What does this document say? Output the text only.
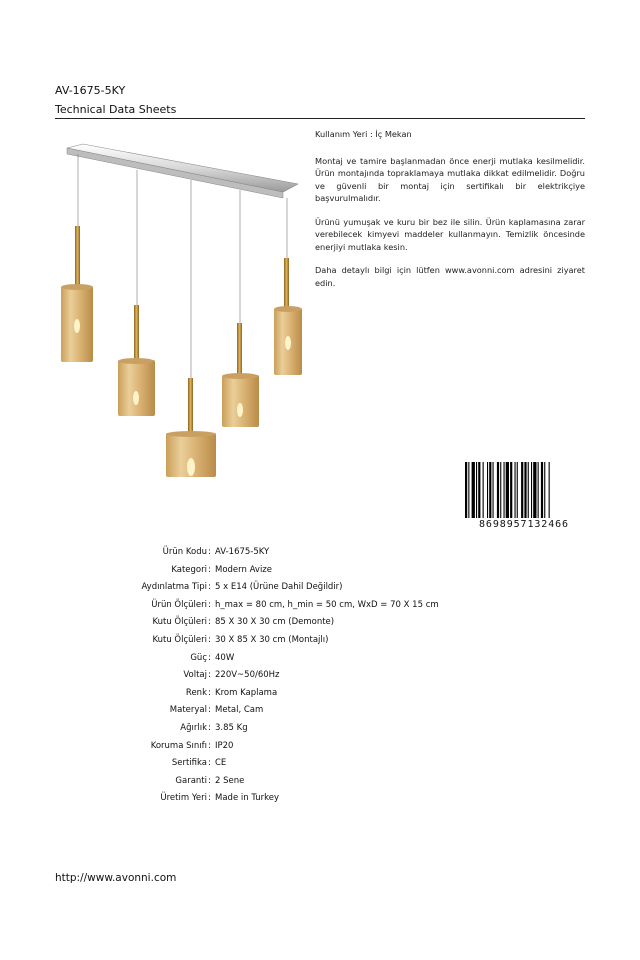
AV-1675-5KY
Technical Data Sheets

Kullanım Yeri : İç Mekan

Montaj ve tamire başlanmadan önce enerji mutlaka kesilmelidir. Ürün montajında topraklamaya mutlaka dikkat edilmelidir. Doğru ve güvenli bir montaj için sertifikalı bir elektrikçiye başvurulmalıdır.

Ürünü yumuşak ve kuru bir bez ile silin. Ürün kaplamasına zarar verebilecek kimyevi maddeler kullanmayın. Temizlik öncesinde enerjiyi mutlaka kesin.

Daha detaylı bilgi için lütfen www.avonni.com adresini ziyaret edin.

8698957132466
Ürün Kodu : AV-1675-5KY
Kategori : Modern Avize
Aydınlatma Tipi : 5 x E14 (Ürüne Dahil Değildir)
Ürün Ölçüleri : h_max = 80 cm, h_min = 50 cm, WxD = 70 X 15 cm
Kutu Ölçüleri : 85 X 30 X 30 cm (Demonte)
Kutu Ölçüleri : 30 X 85 X 30 cm (Montajlı)
Güç : 40W
Voltaj : 220V~50/60Hz
Renk : Krom Kaplama
Materyal : Metal, Cam
Ağırlık : 3.85 Kg
Koruma Sınıfı : IP20
Sertifika : CE
Garanti : 2 Sene
Üretim Yeri : Made in Turkey
http://www.avonni.com
